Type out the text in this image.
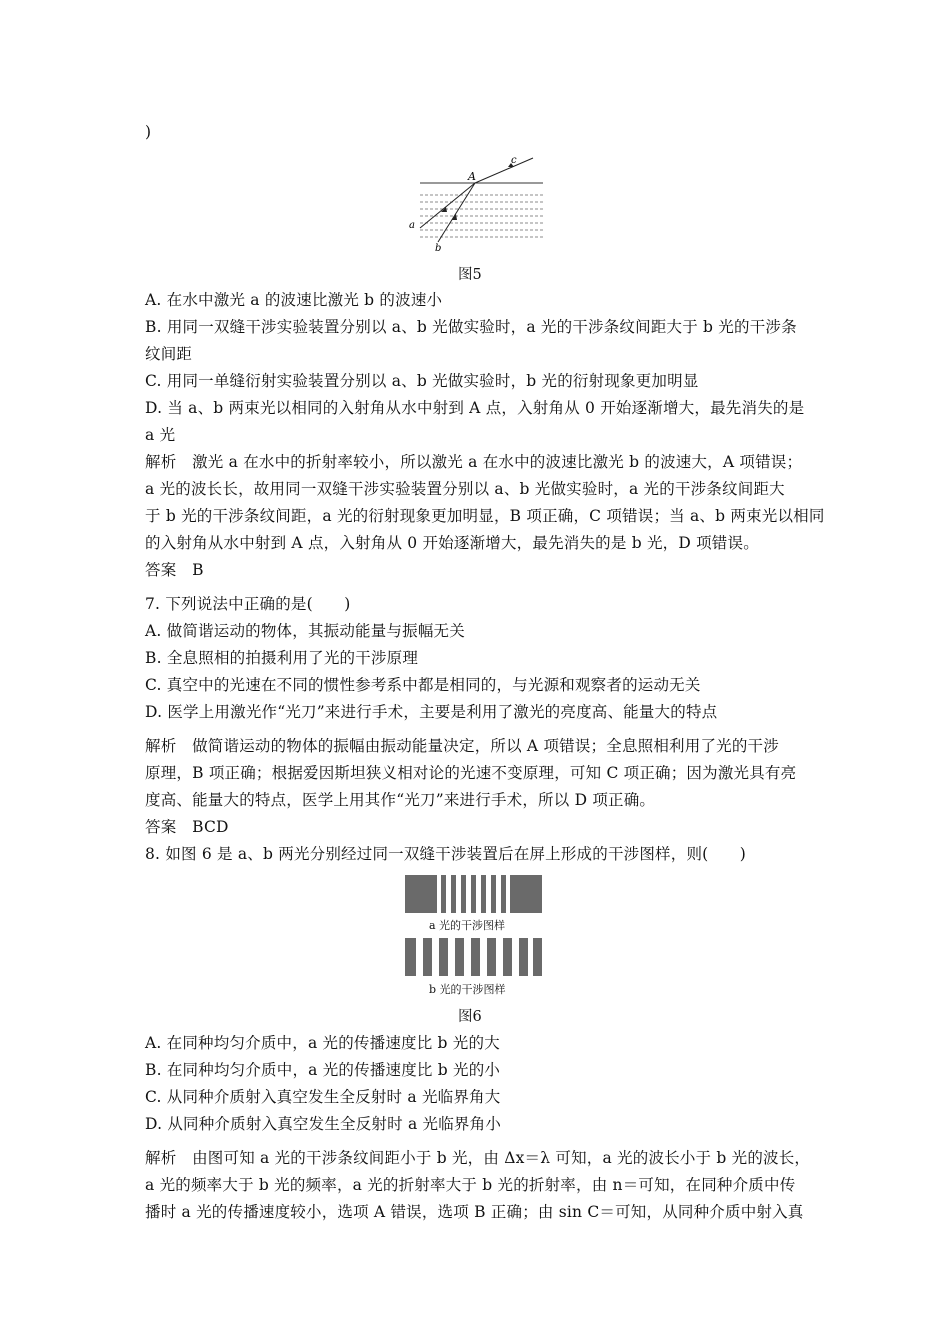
)
A
a
b
c
图5
A. 在水中激光 a 的波速比激光 b 的波速小
B. 用同一双缝干涉实验装置分别以 a、b 光做实验时，a 光的干涉条纹间距大于 b 光的干涉条
纹间距
C. 用同一单缝衍射实验装置分别以 a、b 光做实验时，b 光的衍射现象更加明显
D. 当 a、b 两束光以相同的入射角从水中射到 A 点，入射角从 0 开始逐渐增大，最先消失的是
a 光
解析　激光 a 在水中的折射率较小，所以激光 a 在水中的波速比激光 b 的波速大，A 项错误；
a 光的波长长，故用同一双缝干涉实验装置分别以 a、b 光做实验时，a 光的干涉条纹间距大
于 b 光的干涉条纹间距，a 光的衍射现象更加明显，B 项正确，C 项错误；当 a、b 两束光以相同
的入射角从水中射到 A 点，入射角从 0 开始逐渐增大，最先消失的是 b 光，D 项错误。
答案　B
7. 下列说法中正确的是(　　)
A. 做简谐运动的物体，其振动能量与振幅无关
B. 全息照相的拍摄利用了光的干涉原理
C. 真空中的光速在不同的惯性参考系中都是相同的，与光源和观察者的运动无关
D. 医学上用激光作“光刀”来进行手术，主要是利用了激光的亮度高、能量大的特点
解析　做简谐运动的物体的振幅由振动能量决定，所以 A 项错误；全息照相利用了光的干涉
原理，B 项正确；根据爱因斯坦狭义相对论的光速不变原理，可知 C 项正确；因为激光具有亮
度高、能量大的特点，医学上用其作“光刀”来进行手术，所以 D 项正确。
答案　BCD
8. 如图 6 是 a、b 两光分别经过同一双缝干涉装置后在屏上形成的干涉图样，则(　　)
a 光的干涉图样
b 光的干涉图样
图6
A. 在同种均匀介质中，a 光的传播速度比 b 光的大
B. 在同种均匀介质中，a 光的传播速度比 b 光的小
C. 从同种介质射入真空发生全反射时 a 光临界角大
D. 从同种介质射入真空发生全反射时 a 光临界角小
解析　由图可知 a 光的干涉条纹间距小于 b 光，由 Δx＝λ 可知，a 光的波长小于 b 光的波长，
a 光的频率大于 b 光的频率，a 光的折射率大于 b 光的折射率，由 n＝可知，在同种介质中传
播时 a 光的传播速度较小，选项 A 错误，选项 B 正确；由 sin C＝可知，从同种介质中射入真
